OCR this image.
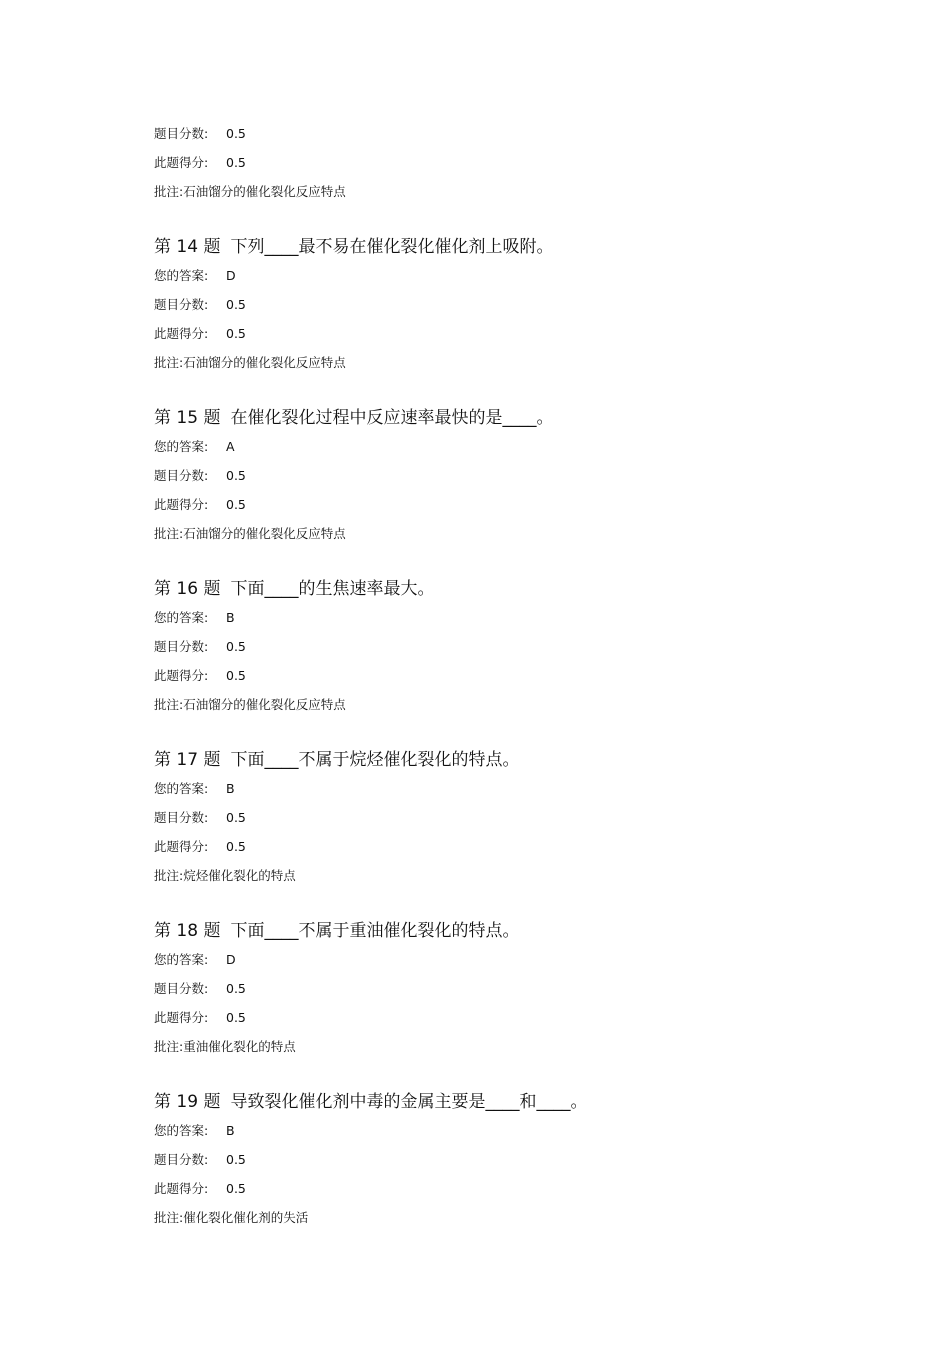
题目分数: 0.5
此题得分: 0.5
批注:石油馏分的催化裂化反应特点
第 14 题 下列____最不易在催化裂化催化剂上吸附。
您的答案: D
题目分数: 0.5
此题得分: 0.5
批注:石油馏分的催化裂化反应特点
第 15 题 在催化裂化过程中反应速率最快的是____。
您的答案: A
题目分数: 0.5
此题得分: 0.5
批注:石油馏分的催化裂化反应特点
第 16 题 下面____的生焦速率最大。
您的答案: B
题目分数: 0.5
此题得分: 0.5
批注:石油馏分的催化裂化反应特点
第 17 题 下面____不属于烷烃催化裂化的特点。
您的答案: B
题目分数: 0.5
此题得分: 0.5
批注:烷烃催化裂化的特点
第 18 题 下面____不属于重油催化裂化的特点。
您的答案: D
题目分数: 0.5
此题得分: 0.5
批注:重油催化裂化的特点
第 19 题 导致裂化催化剂中毒的金属主要是____和____。
您的答案: B
题目分数: 0.5
此题得分: 0.5
批注:催化裂化催化剂的失活
